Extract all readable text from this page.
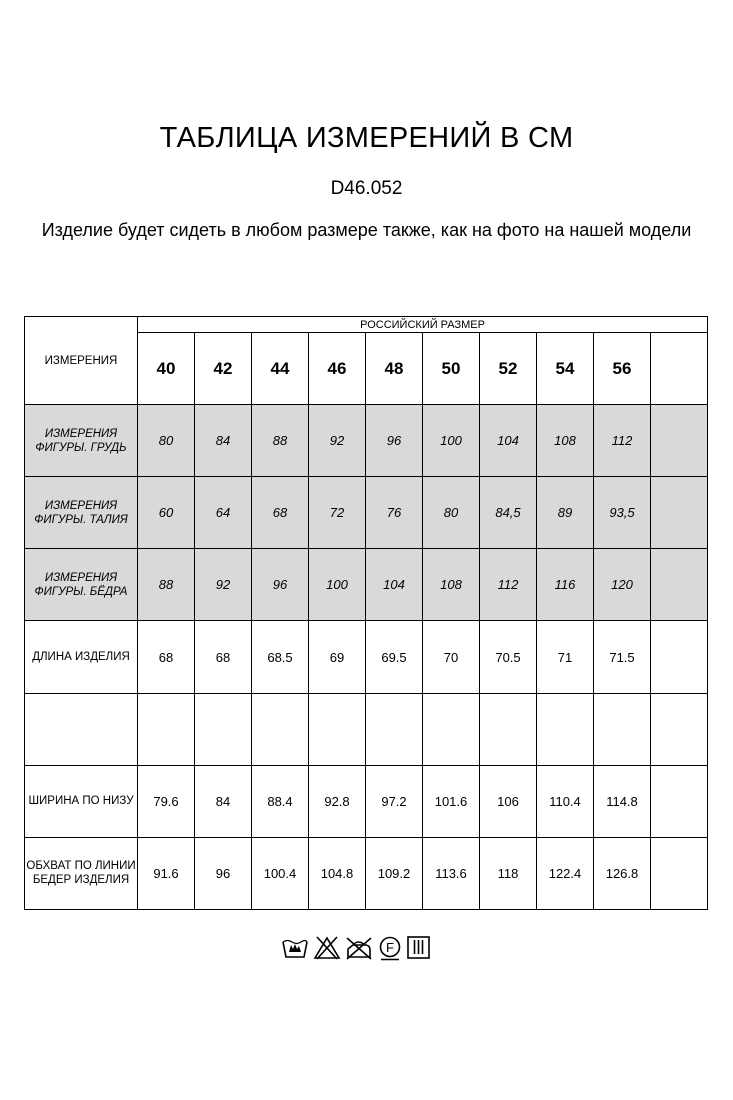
ТАБЛИЦА ИЗМЕРЕНИЙ В СМ
D46.052
Изделие будет сидеть в любом размере также, как на фото на нашей модели
ИЗМЕРЕНИЯ	РОССИЙСКИЙ РАЗМЕР									
	40	42	44	46	48	50	52	54	56	
ИЗМЕРЕНИЯ ФИГУРЫ. ГРУДЬ	80	84	88	92	96	100	104	108	112	
ИЗМЕРЕНИЯ ФИГУРЫ. ТАЛИЯ	60	64	68	72	76	80	84,5	89	93,5	
ИЗМЕРЕНИЯ ФИГУРЫ. БЁДРА	88	92	96	100	104	108	112	116	120	
ДЛИНА ИЗДЕЛИЯ	68	68	68.5	69	69.5	70	70.5	71	71.5	

ШИРИНА ПО НИЗУ	79.6	84	88.4	92.8	97.2	101.6	106	110.4	114.8	
ОБХВАТ ПО ЛИНИИ БЕДЕР ИЗДЕЛИЯ	91.6	96	100.4	104.8	109.2	113.6	118	122.4	126.8	
F
